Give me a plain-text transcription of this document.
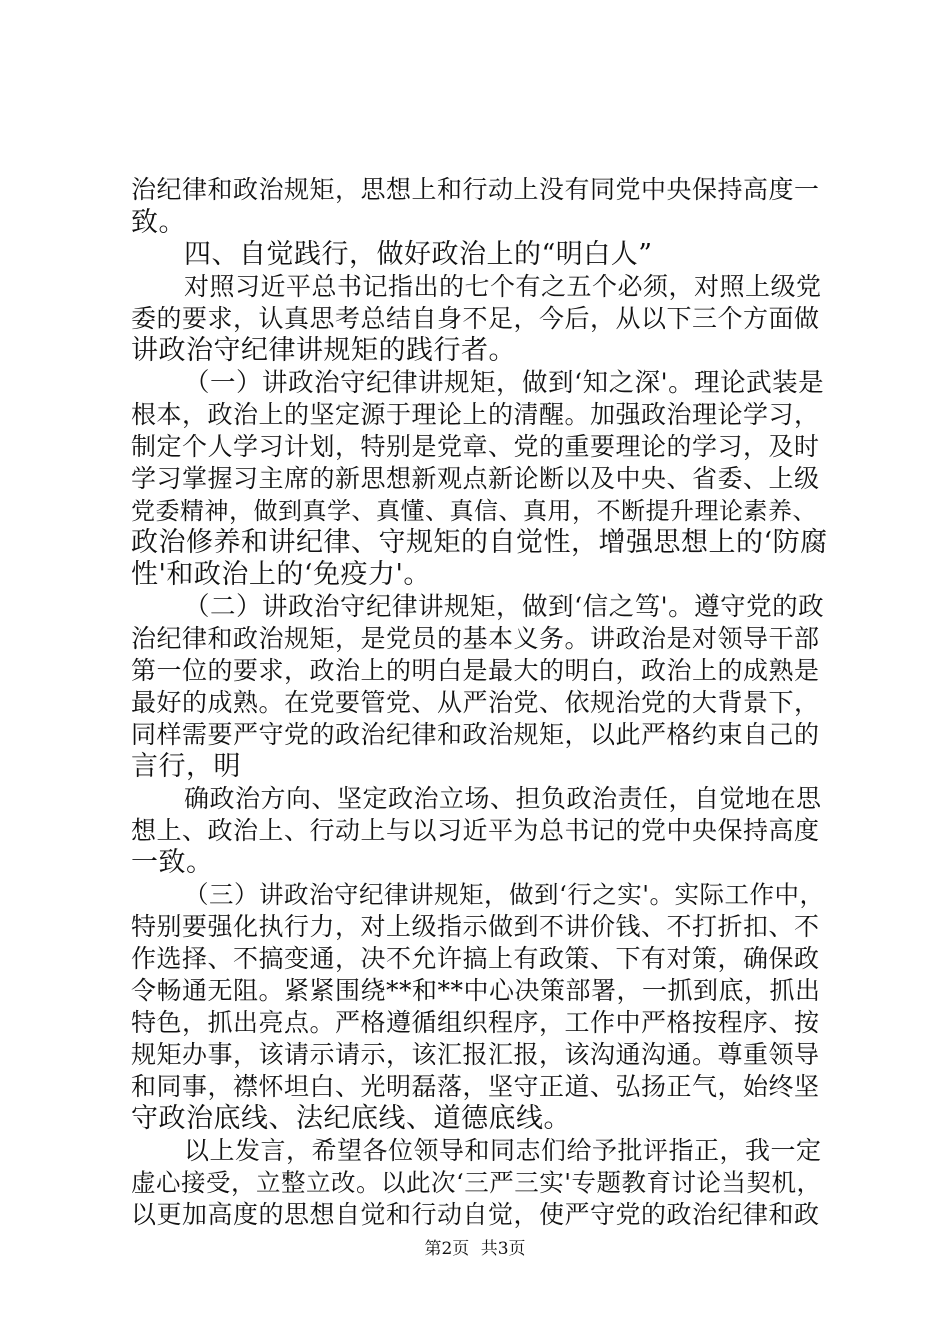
治纪律和政治规矩，思想上和行动上没有同党中央保持高度一
致。
四、自觉践行，做好政治上的“明白人”
对照习近平总书记指出的七个有之五个必须，对照上级党
委的要求，认真思考总结自身不足，今后，从以下三个方面做
讲政治守纪律讲规矩的践行者。
（一）讲政治守纪律讲规矩，做到‘知之深'。理论武装是
根本，政治上的坚定源于理论上的清醒。加强政治理论学习，
制定个人学习计划，特别是党章、党的重要理论的学习，及时
学习掌握习主席的新思想新观点新论断以及中央、省委、上级
党委精神，做到真学、真懂、真信、真用，不断提升理论素养、
政治修养和讲纪律、守规矩的自觉性，增强思想上的‘防腐
性'和政治上的‘免疫力'。
（二）讲政治守纪律讲规矩，做到‘信之笃'。遵守党的政
治纪律和政治规矩，是党员的基本义务。讲政治是对领导干部
第一位的要求，政治上的明白是最大的明白，政治上的成熟是
最好的成熟。在党要管党、从严治党、依规治党的大背景下，
同样需要严守党的政治纪律和政治规矩，以此严格约束自己的
言行，明
确政治方向、坚定政治立场、担负政治责任，自觉地在思
想上、政治上、行动上与以习近平为总书记的党中央保持高度
一致。
（三）讲政治守纪律讲规矩，做到‘行之实'。实际工作中，
特别要强化执行力，对上级指示做到不讲价钱、不打折扣、不
作选择、不搞变通，决不允许搞上有政策、下有对策，确保政
令畅通无阻。紧紧围绕**和**中心决策部署，一抓到底，抓出
特色，抓出亮点。严格遵循组织程序，工作中严格按程序、按
规矩办事，该请示请示，该汇报汇报，该沟通沟通。尊重领导
和同事，襟怀坦白、光明磊落，坚守正道、弘扬正气，始终坚
守政治底线、法纪底线、道德底线。
以上发言，希望各位领导和同志们给予批评指正，我一定
虚心接受，立整立改。以此次‘三严三实'专题教育讨论当契机，
以更加高度的思想自觉和行动自觉，使严守党的政治纪律和政
第2页 共3页
